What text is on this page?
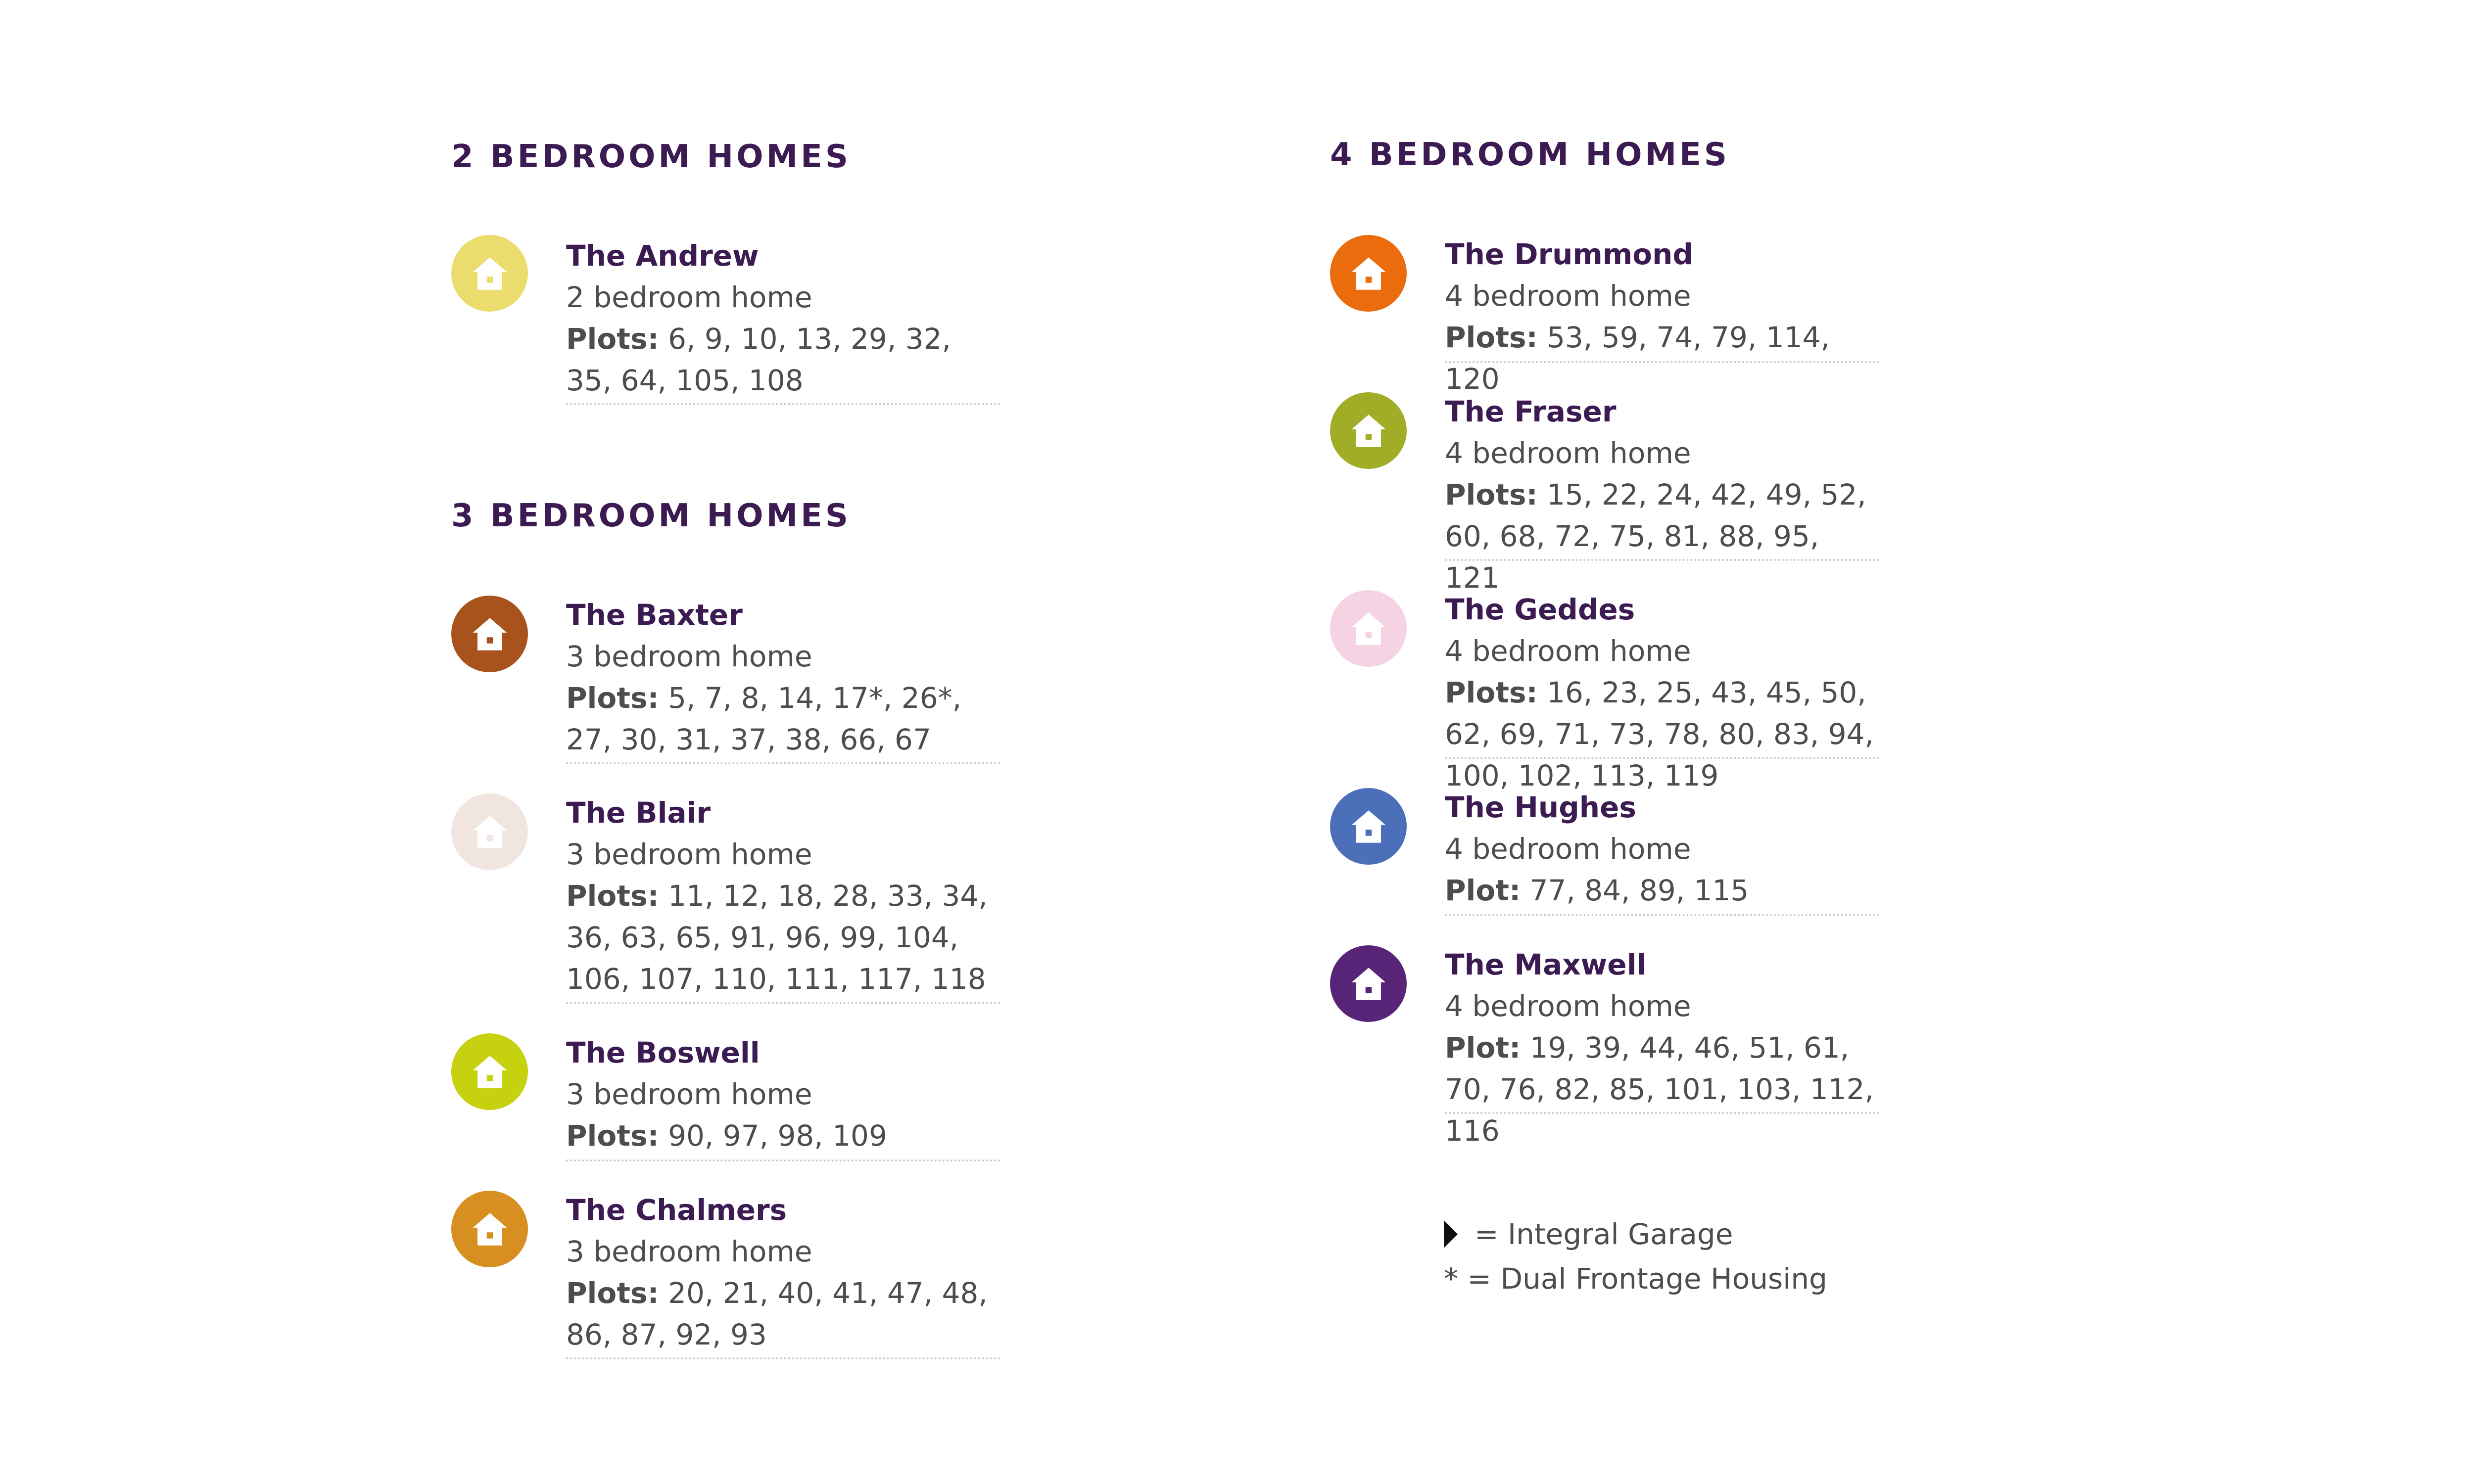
2 BEDROOM HOMES
The Andrew
2 bedroom home
Plots: 6, 9, 10, 13, 29, 32, 35, 64, 105, 108
3 BEDROOM HOMES
The Baxter
3 bedroom home
Plots: 5, 7, 8, 14, 17*, 26*, 27, 30, 31, 37, 38, 66, 67
The Blair
3 bedroom home
Plots: 11, 12, 18, 28, 33, 34, 36, 63, 65, 91, 96, 99, 104, 106, 107, 110, 111, 117, 118
The Boswell
3 bedroom home
Plots: 90, 97, 98, 109
The Chalmers
3 bedroom home
Plots: 20, 21, 40, 41, 47, 48, 86, 87, 92, 93
4 BEDROOM HOMES
The Drummond
4 bedroom home
Plots: 53, 59, 74, 79, 114, 120
The Fraser
4 bedroom home
Plots: 15, 22, 24, 42, 49, 52, 60, 68, 72, 75, 81, 88, 95, 121
The Geddes
4 bedroom home
Plots: 16, 23, 25, 43, 45, 50, 62, 69, 71, 73, 78, 80, 83, 94, 100, 102, 113, 119
The Hughes
4 bedroom home
Plot: 77, 84, 89, 115
The Maxwell
4 bedroom home
Plot: 19, 39, 44, 46, 51, 61, 70, 76, 82, 85, 101, 103, 112, 116
= Integral Garage
* = Dual Frontage Housing
